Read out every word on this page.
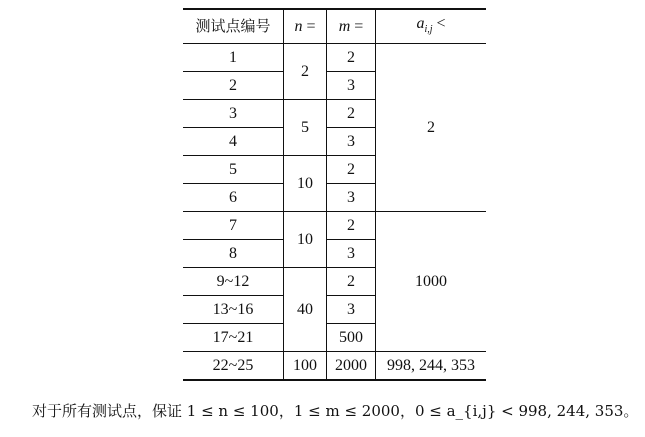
测试点编号	n =	m =	$a_{i,j}$ <
1	2	2	2
2		3	
3	5	2	
4		3	
5	10	2	
6		3	
7	10	2	1000
8		3	
9~12	40	2	
13~16		3	
17~21		500	
22~25	100	2000	998, 244, 353
对于所有测试点，保证 1 ≤ n ≤ 100，1 ≤ m ≤ 2000，0 ≤ a_{i,j} < 998, 244, 353。
